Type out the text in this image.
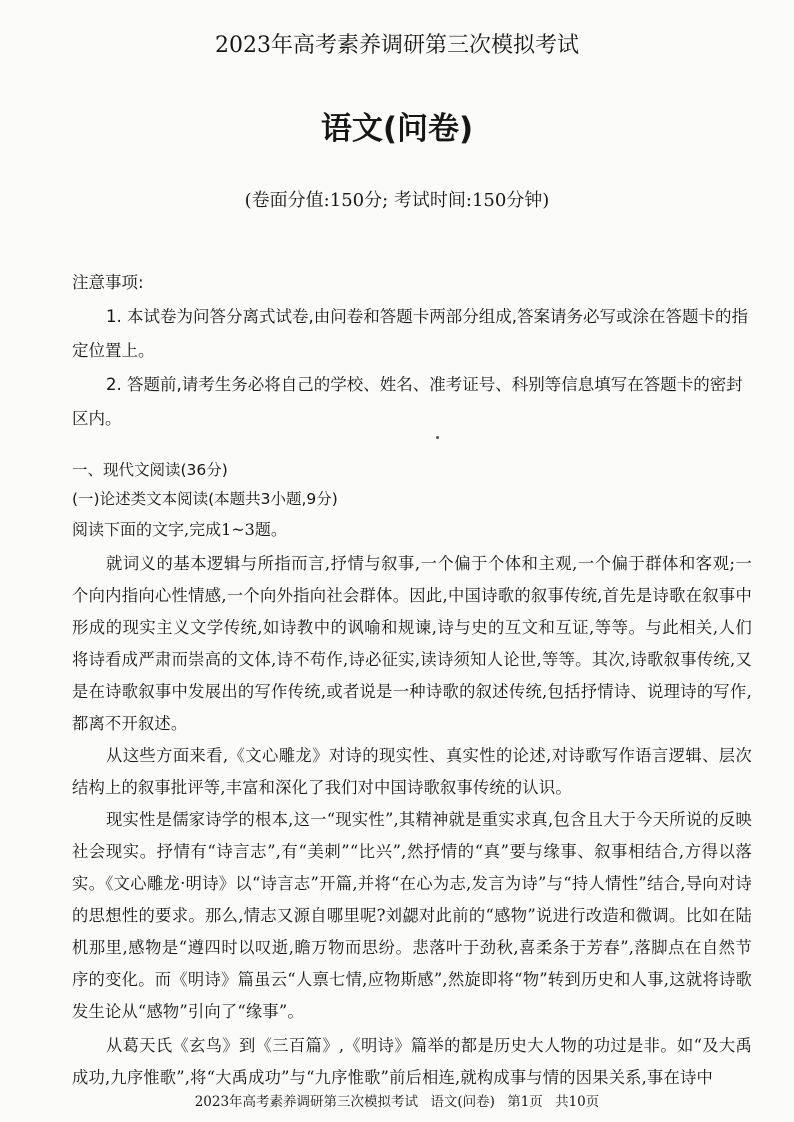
2023年高考素养调研第三次模拟考试
语文(问卷)
(卷面分值:150分; 考试时间:150分钟)
注意事项:
1. 本试卷为问答分离式试卷,由问卷和答题卡两部分组成,答案请务必写或涂在答题卡的指定位置上。
2. 答题前,请考生务必将自己的学校、姓名、准考证号、科别等信息填写在答题卡的密封区内。
一、现代文阅读(36分)
(一)论述类文本阅读(本题共3小题,9分)
阅读下面的文字,完成1~3题。
就词义的基本逻辑与所指而言,抒情与叙事,一个偏于个体和主观,一个偏于群体和客观;一个向内指向心性情感,一个向外指向社会群体。因此,中国诗歌的叙事传统,首先是诗歌在叙事中形成的现实主义文学传统,如诗教中的讽喻和规谏,诗与史的互文和互证,等等。与此相关,人们将诗看成严肃而崇高的文体,诗不苟作,诗必征实,读诗须知人论世,等等。其次,诗歌叙事传统,又是在诗歌叙事中发展出的写作传统,或者说是一种诗歌的叙述传统,包括抒情诗、说理诗的写作,都离不开叙述。
从这些方面来看,《文心雕龙》对诗的现实性、真实性的论述,对诗歌写作语言逻辑、层次结构上的叙事批评等,丰富和深化了我们对中国诗歌叙事传统的认识。
现实性是儒家诗学的根本,这一“现实性”,其精神就是重实求真,包含且大于今天所说的反映社会现实。抒情有“诗言志”,有“美刺”“比兴”,然抒情的“真”要与缘事、叙事相结合,方得以落实。《文心雕龙·明诗》以“诗言志”开篇,并将“在心为志,发言为诗”与“持人情性”结合,导向对诗的思想性的要求。那么,情志又源自哪里呢?刘勰对此前的“感物”说进行改造和微调。比如在陆机那里,感物是“遵四时以叹逝,瞻万物而思纷。悲落叶于劲秋,喜柔条于芳春”,落脚点在自然节序的变化。而《明诗》篇虽云“人禀七情,应物斯感”,然旋即将“物”转到历史和人事,这就将诗歌发生论从“感物”引向了“缘事”。
从葛天氏《玄鸟》到《三百篇》,《明诗》篇举的都是历史大人物的功过是非。如“及大禹成功,九序惟歌”,将“大禹成功”与“九序惟歌”前后相连,就构成事与情的因果关系,事在诗中
2023年高考素养调研第三次模拟考试 语文(问卷) 第1页 共10页
